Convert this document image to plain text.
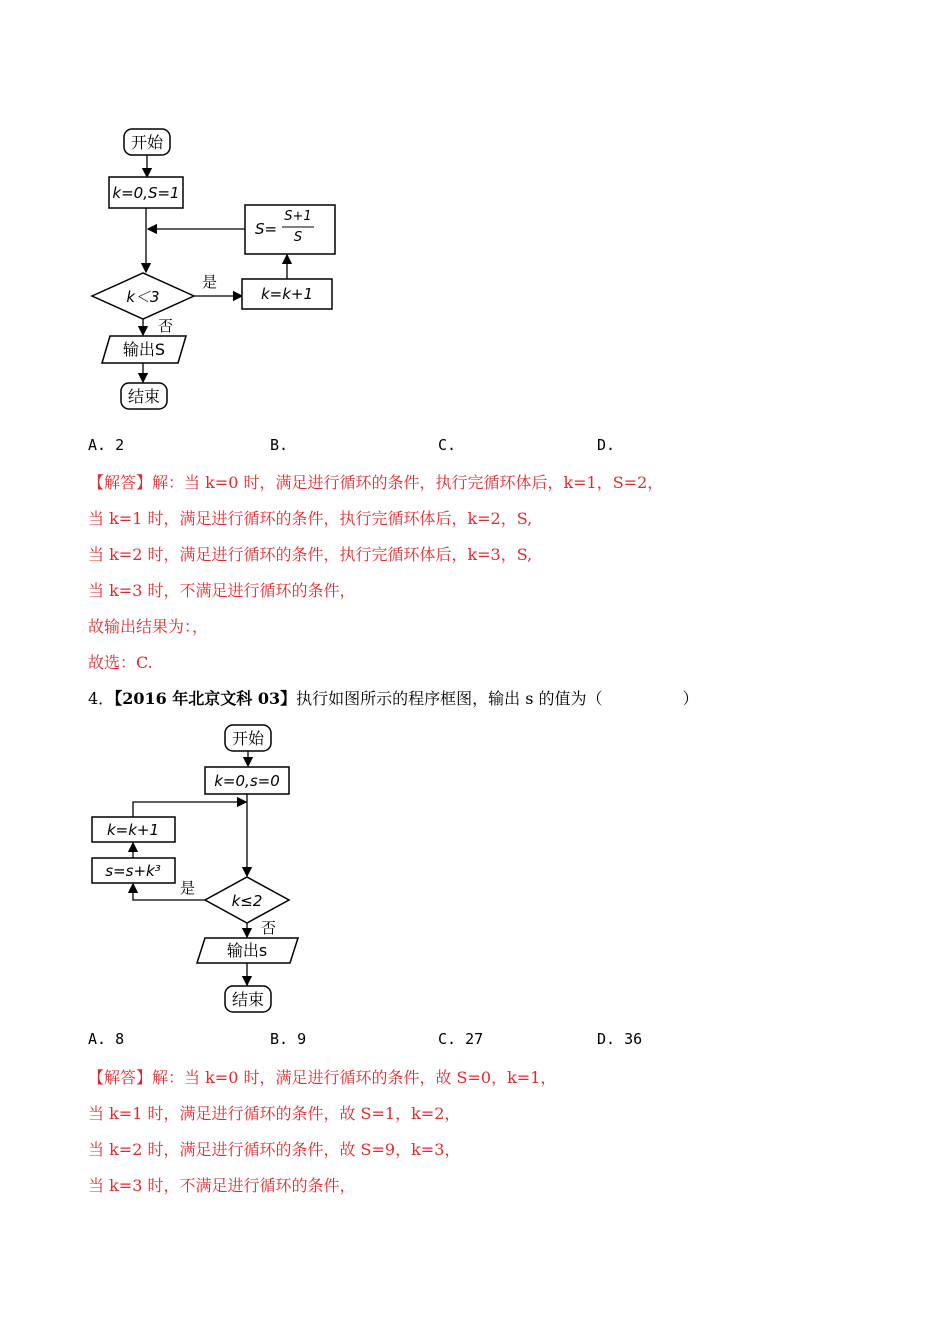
开始
k=0,S=1
S=
S+1
S
k＜3
是
k=k+1
否
输出S
结束
开始
k=0,s=0
k=k+1
s=s+k³
k≤2
是
否
输出s
结束
A. 2	B.	C.	D.
【解答】解：当 k=0 时，满足进行循环的条件，执行完循环体后，k=1，S=2，
当 k=1 时，满足进行循环的条件，执行完循环体后，k=2，S,
当 k=2 时，满足进行循环的条件，执行完循环体后，k=3，S,
当 k=3 时，不满足进行循环的条件，
故输出结果为：，
故选：C.
4．【2016 年北京文科 03】执行如图所示的程序框图，输出 s 的值为（　　　　　）
A. 8	B. 9	C. 27	D. 36
【解答】解：当 k=0 时，满足进行循环的条件，故 S=0，k=1，
当 k=1 时，满足进行循环的条件，故 S=1，k=2，
当 k=2 时，满足进行循环的条件，故 S=9，k=3，
当 k=3 时，不满足进行循环的条件，
